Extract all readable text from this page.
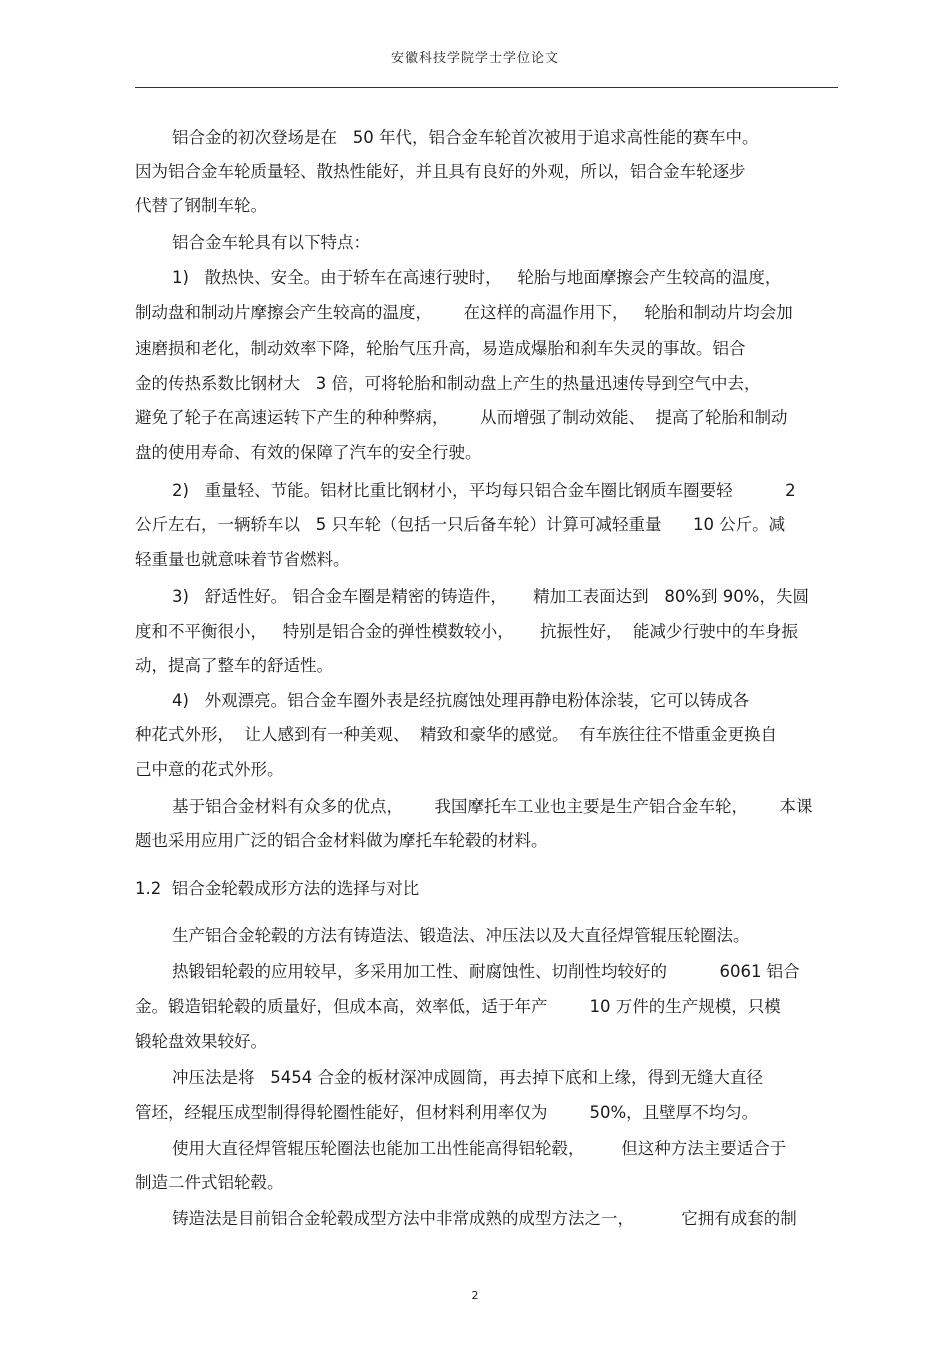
安徽科技学院学士学位论文
铝合金的初次登场是在   50 年代，铝合金车轮首次被用于追求高性能的赛车中。
因为铝合金车轮质量轻、散热性能好，并且具有良好的外观，所以，铝合金车轮逐步
代替了钢制车轮。
铝合金车轮具有以下特点：
1)   散热快、安全。由于轿车在高速行驶时，   轮胎与地面摩擦会产生较高的温度，
制动盘和制动片摩擦会产生较高的温度，      在这样的高温作用下，   轮胎和制动片均会加
速磨损和老化，制动效率下降，轮胎气压升高，易造成爆胎和刹车失灵的事故。铝合
金的传热系数比钢材大   3 倍，可将轮胎和制动盘上产生的热量迅速传导到空气中去，
避免了轮子在高速运转下产生的种种弊病，      从而增强了制动效能、  提高了轮胎和制动
盘的使用寿命、有效的保障了汽车的安全行驶。
2)   重量轻、节能。铝材比重比钢材小，平均每只铝合金车圈比钢质车圈要轻          2
公斤左右，一辆轿车以   5 只车轮（包括一只后备车轮）计算可减轻重量      10 公斤。减
轻重量也就意味着节省燃料。
3)   舒适性好。 铝合金车圈是精密的铸造件，     精加工表面达到   80%到 90%，失圆
度和不平衡很小，   特别是铝合金的弹性模数较小，     抗振性好，  能减少行驶中的车身振
动，提高了整车的舒适性。
4)   外观漂亮。铝合金车圈外表是经抗腐蚀处理再静电粉体涂装，它可以铸成各
种花式外形，  让人感到有一种美观、  精致和豪华的感觉。  有车族往往不惜重金更换自
己中意的花式外形。
基于铝合金材料有众多的优点，      我国摩托车工业也主要是生产铝合金车轮，      本课
题也采用应用广泛的铝合金材料做为摩托车轮毂的材料。
1.2  铝合金轮毂成形方法的选择与对比
生产铝合金轮毂的方法有铸造法、锻造法、冲压法以及大直径焊管辊压轮圈法。
热锻铝轮毂的应用较早，多采用加工性、耐腐蚀性、切削性均较好的          6061 铝合
金。锻造铝轮毂的质量好，但成本高，效率低，适于年产        10 万件的生产规模，只模
锻轮盘效果较好。
冲压法是将   5454 合金的板材深冲成圆筒，再去掉下底和上缘，得到无缝大直径
管坯，经辊压成型制得得轮圈性能好，但材料利用率仅为        50%，且壁厚不均匀。
使用大直径焊管辊压轮圈法也能加工出性能高得铝轮毂，       但这种方法主要适合于
制造二件式铝轮毂。
铸造法是目前铝合金轮毂成型方法中非常成熟的成型方法之一，         它拥有成套的制
2
